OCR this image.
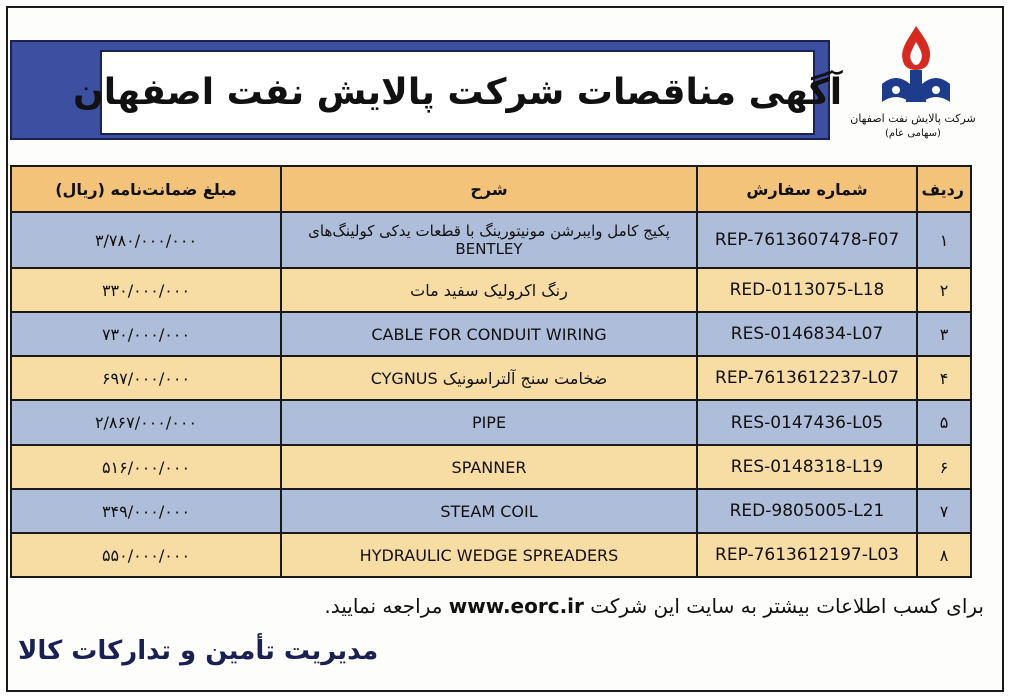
آگهی مناقصات شرکت پالایش نفت اصفهان
شرکت پالایش نفت اصفهان
(سهامی عام)
ردیف	شماره سفارش	شرح	مبلغ ضمانت‌نامه (ریال)
۱	REP-7613607478-F07	پکیج کامل وایبرشن مونیتورینگ با قطعات یدکی کولینگ‌های BENTLEY	۳/۷۸۰/۰۰۰/۰۰۰
۲	RED-0113075-L18	رنگ اکرولیک سفید مات	۳۳۰/۰۰۰/۰۰۰
۳	RES-0146834-L07	CABLE FOR CONDUIT WIRING	۷۳۰/۰۰۰/۰۰۰
۴	REP-7613612237-L07	ضخامت سنج آلتراسونیک CYGNUS	۶۹۷/۰۰۰/۰۰۰
۵	RES-0147436-L05	PIPE	۲/۸۶۷/۰۰۰/۰۰۰
۶	RES-0148318-L19	SPANNER	۵۱۶/۰۰۰/۰۰۰
۷	RED-9805005-L21	STEAM COIL	۳۴۹/۰۰۰/۰۰۰
۸	REP-7613612197-L03	HYDRAULIC WEDGE SPREADERS	۵۵۰/۰۰۰/۰۰۰
برای کسب اطلاعات بیشتر به سایت این شرکت www.eorc.ir مراجعه نمایید.
مدیریت تأمین و تدارکات کالا
